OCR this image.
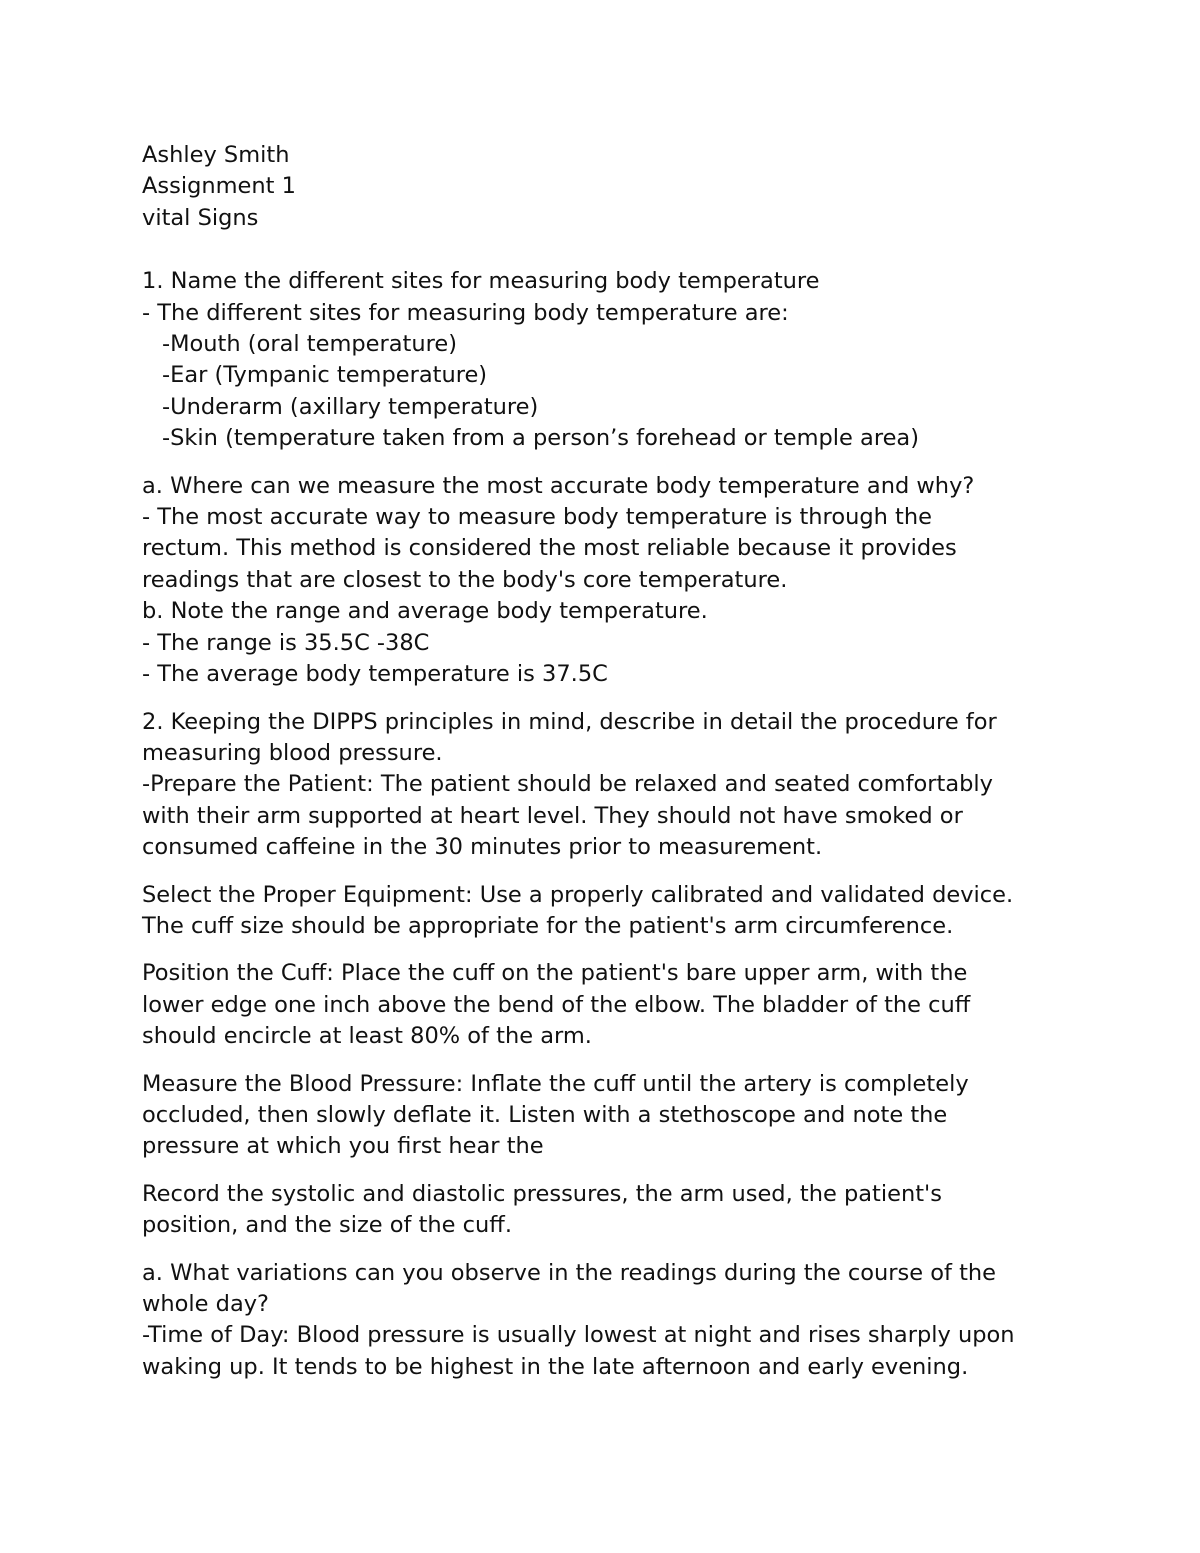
Ashley Smith
Assignment 1
vital Signs
1. Name the different sites for measuring body temperature
- The different sites for measuring body temperature are:
-Mouth (oral temperature)
-Ear (Tympanic temperature)
-Underarm (axillary temperature)
-Skin (temperature taken from a person’s forehead or temple area)
a. Where can we measure the most accurate body temperature and why?
- The most accurate way to measure body temperature is through the
rectum. This method is considered the most reliable because it provides
readings that are closest to the body's core temperature.
b. Note the range and average body temperature.
- The range is 35.5C -38C
- The average body temperature is 37.5C
2. Keeping the DIPPS principles in mind, describe in detail the procedure for
measuring blood pressure.
-Prepare the Patient: The patient should be relaxed and seated comfortably
with their arm supported at heart level. They should not have smoked or
consumed caffeine in the 30 minutes prior to measurement.
Select the Proper Equipment: Use a properly calibrated and validated device.
The cuff size should be appropriate for the patient's arm circumference.
Position the Cuff: Place the cuff on the patient's bare upper arm, with the
lower edge one inch above the bend of the elbow. The bladder of the cuff
should encircle at least 80% of the arm.
Measure the Blood Pressure: Inflate the cuff until the artery is completely
occluded, then slowly deflate it. Listen with a stethoscope and note the
pressure at which you first hear the
Record the systolic and diastolic pressures, the arm used, the patient's
position, and the size of the cuff.
a. What variations can you observe in the readings during the course of the
whole day?
-Time of Day: Blood pressure is usually lowest at night and rises sharply upon
waking up. It tends to be highest in the late afternoon and early evening.
